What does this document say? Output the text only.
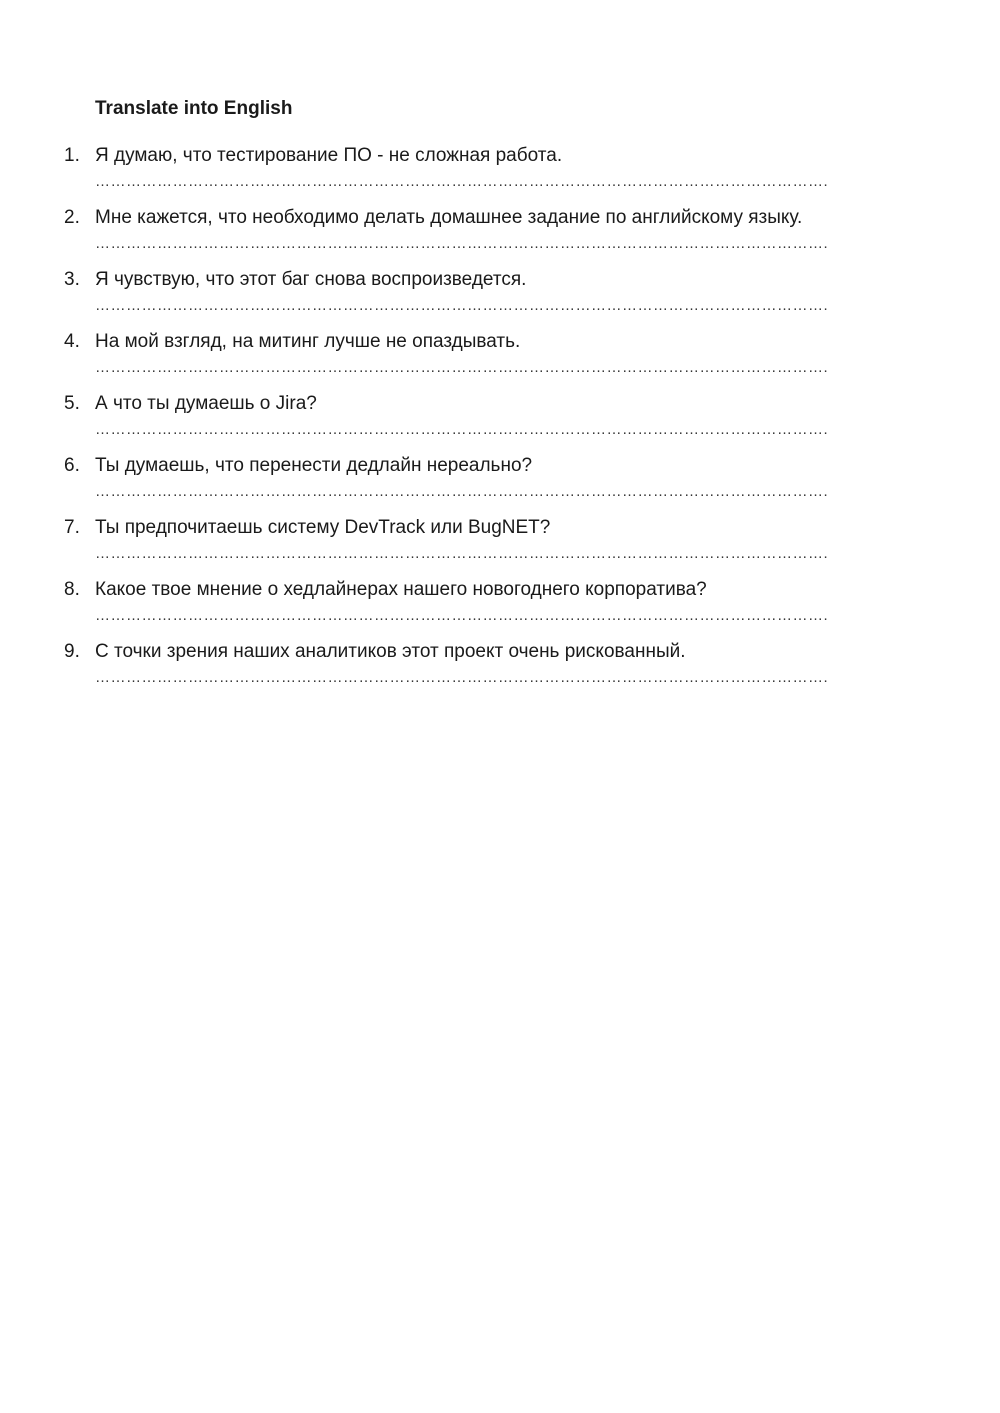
Translate into English
1. Я думаю, что тестирование ПО - не сложная работа.
…………………………………………………………………………………………………………………………….
2. Мне кажется, что необходимо делать домашнее задание по английскому языку.
…………………………………………………………………………………………………………………………….
3. Я чувствую, что этот баг снова воспроизведется.
…………………………………………………………………………………………………………………………….
4. На мой взгляд, на митинг лучше не опаздывать.
…………………………………………………………………………………………………………………………….
5. А что ты думаешь о Jira?
…………………………………………………………………………………………………………………………….
6. Ты думаешь, что перенести дедлайн нереально?
…………………………………………………………………………………………………………………………….
7. Ты предпочитаешь систему DevTrack или BugNET?
…………………………………………………………………………………………………………………………….
8. Какое твое мнение о хедлайнерах нашего новогоднего корпоратива?
…………………………………………………………………………………………………………………………….
9. С точки зрения наших аналитиков этот проект очень рискованный.
…………………………………………………………………………………………………………………………….
